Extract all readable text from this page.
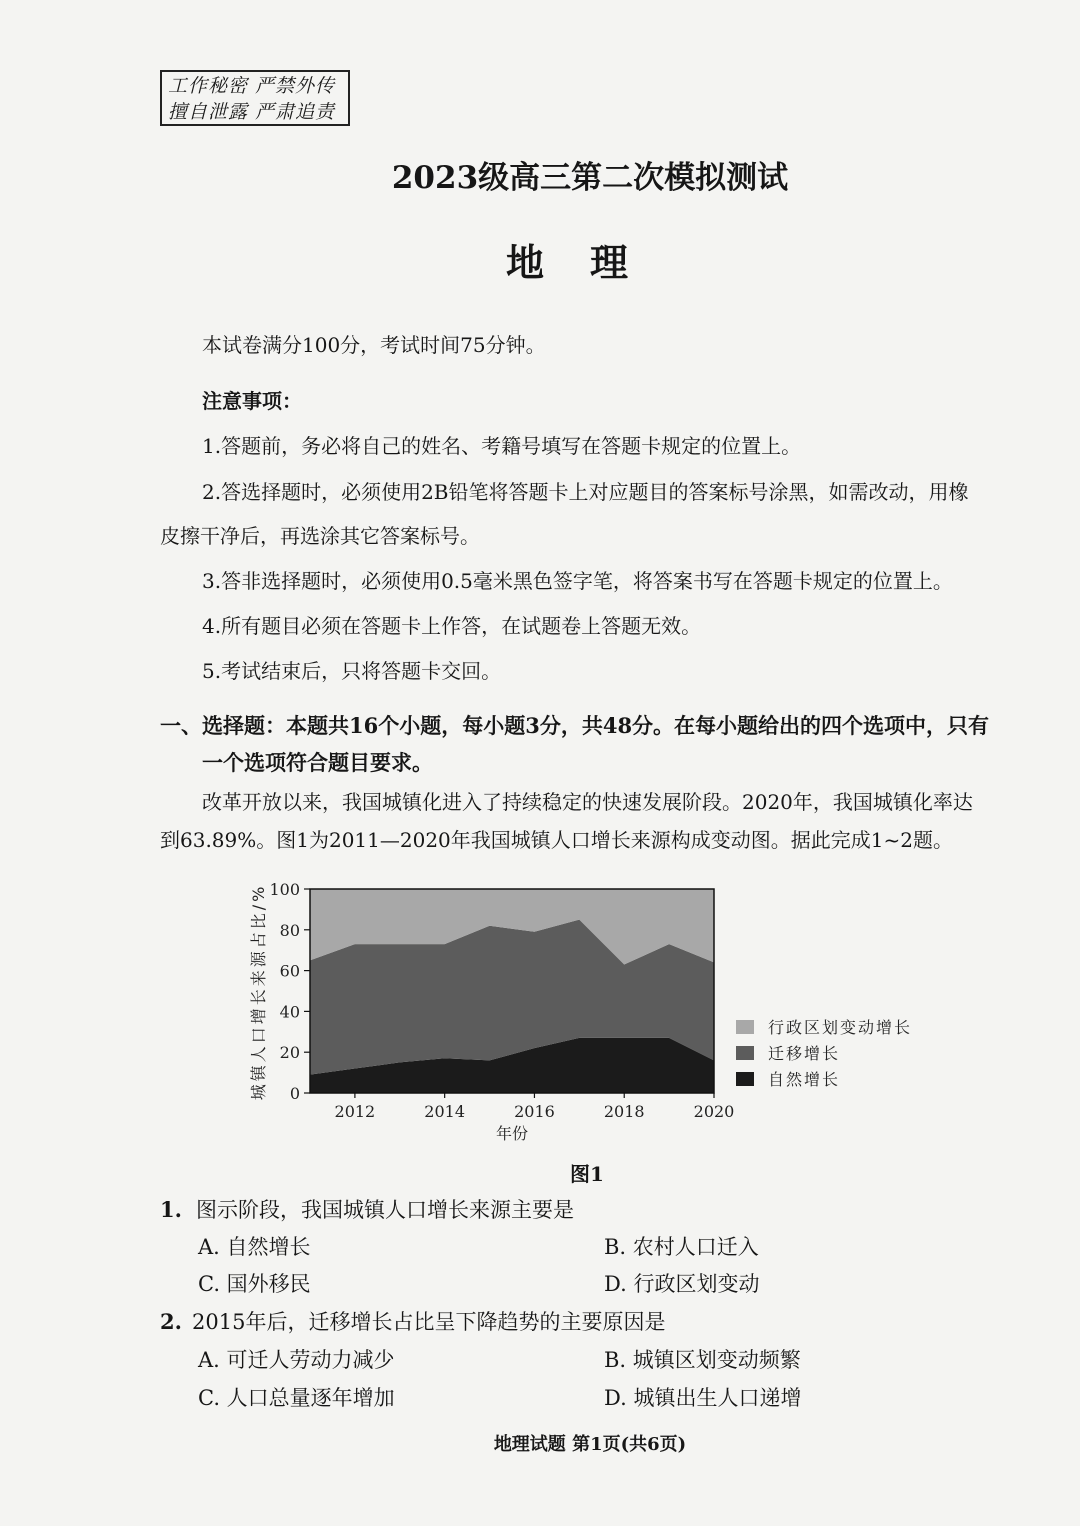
工作秘密 严禁外传
擅自泄露 严肃追责
2023级高三第二次模拟测试
地理
本试卷满分100分，考试时间75分钟。
注意事项：
1.答题前，务必将自己的姓名、考籍号填写在答题卡规定的位置上。
2.答选择题时，必须使用2B铅笔将答题卡上对应题目的答案标号涂黑，如需改动，用橡
皮擦干净后，再选涂其它答案标号。
3.答非选择题时，必须使用0.5毫米黑色签字笔，将答案书写在答题卡规定的位置上。
4.所有题目必须在答题卡上作答，在试题卷上答题无效。
5.考试结束后，只将答题卡交回。
一、选择题：本题共16个小题，每小题3分，共48分。在每小题给出的四个选项中，只有
一个选项符合题目要求。
改革开放以来，我国城镇化进入了持续稳定的快速发展阶段。2020年，我国城镇化率达
到63.89%。图1为2011—2020年我国城镇人口增长来源构成变动图。据此完成1~2题。
0
20
40
60
80
100
2012	2014	2016	2018	2020
城镇人口增长来源占比/%
年份
行政区划变动增长
迁移增长
自然增长
图1
1. 图示阶段，我国城镇人口增长来源主要是
A. 自然增长	B. 农村人口迁入
C. 国外移民	D. 行政区划变动
2. 2015年后，迁移增长占比呈下降趋势的主要原因是
A. 可迁人劳动力减少	B. 城镇区划变动频繁
C. 人口总量逐年增加	D. 城镇出生人口递增
地理试题 第1页(共6页)
